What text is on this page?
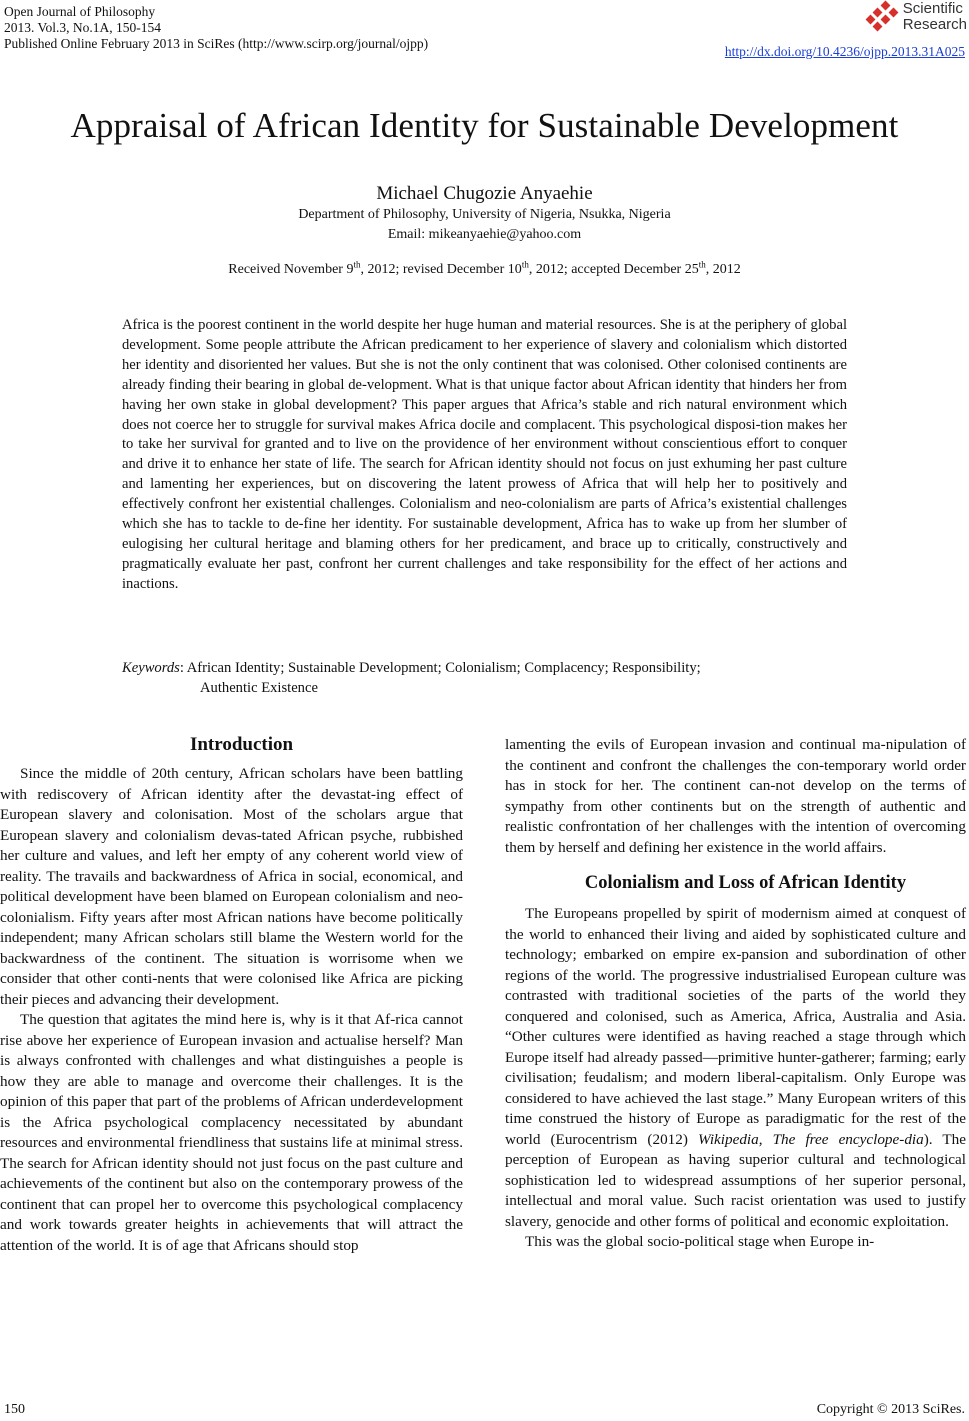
Open Journal of Philosophy
2013. Vol.3, No.1A, 150-154
Published Online February 2013 in SciRes (http://www.scirp.org/journal/ojpp)
Scientific
Research
http://dx.doi.org/10.4236/ojpp.2013.31A025
Appraisal of African Identity for Sustainable Development
Michael Chugozie Anyaehie
Department of Philosophy, University of Nigeria, Nsukka, Nigeria
Email: mikeanyaehie@yahoo.com
Received November 9th, 2012; revised December 10th, 2012; accepted December 25th, 2012
Africa is the poorest continent in the world despite her huge human and material resources. She is at the periphery of global development. Some people attribute the African predicament to her experience of slavery and colonialism which distorted her identity and disoriented her values. But she is not the only continent that was colonised. Other colonised continents are already finding their bearing in global de-velopment. What is that unique factor about African identity that hinders her from having her own stake in global development? This paper argues that Africa’s stable and rich natural environment which does not coerce her to struggle for survival makes Africa docile and complacent. This psychological disposi-tion makes her to take her survival for granted and to live on the providence of her environment without conscientious effort to conquer and drive it to enhance her state of life. The search for African identity should not focus on just exhuming her past culture and lamenting her experiences, but on discovering the latent prowess of Africa that will help her to positively and effectively confront her existential challenges. Colonialism and neo-colonialism are parts of Africa’s existential challenges which she has to tackle to de-fine her identity. For sustainable development, Africa has to wake up from her slumber of eulogising her cultural heritage and blaming others for her predicament, and brace up to critically, constructively and pragmatically evaluate her past, confront her current challenges and take responsibility for the effect of her actions and inactions.
Keywords: African Identity; Sustainable Development; Colonialism; Complacency; Responsibility;
Authentic Existence

Introduction

Since the middle of 20th century, African scholars have been battling with rediscovery of African identity after the devastat-ing effect of European slavery and colonisation. Most of the scholars argue that European slavery and colonialism devas-tated African psyche, rubbished her culture and values, and left her empty of any coherent world view of reality. The travails and backwardness of Africa in social, economical, and political development have been blamed on European colonialism and neo-colonialism. Fifty years after most African nations have become politically independent; many African scholars still blame the Western world for the backwardness of the continent. The situation is worrisome when we consider that other conti-nents that were colonised like Africa are picking their pieces and advancing their development.

The question that agitates the mind here is, why is it that Af-rica cannot rise above her experience of European invasion and actualise herself? Man is always confronted with challenges and what distinguishes a people is how they are able to manage and overcome their challenges. It is the opinion of this paper that part of the problems of African underdevelopment is the Africa psychological complacency necessitated by abundant resources and environmental friendliness that sustains life at minimal stress. The search for African identity should not just focus on the past culture and achievements of the continent but also on the contemporary prowess of the continent that can propel her to overcome this psychological complacency and work towards greater heights in achievements that will attract the attention of the world. It is of age that Africans should stop

lamenting the evils of European invasion and continual ma-nipulation of the continent and confront the challenges the con-temporary world order has in stock for her. The continent can-not develop on the terms of sympathy from other continents but on the strength of authentic and realistic confrontation of her challenges with the intention of overcoming them by herself and defining her existence in the world affairs.

Colonialism and Loss of African Identity

The Europeans propelled by spirit of modernism aimed at conquest of the world to enhanced their living and aided by sophisticated culture and technology; embarked on empire ex-pansion and subordination of other regions of the world. The progressive industrialised European culture was contrasted with traditional societies of the parts of the world they conquered and colonised, such as America, Africa, Australia and Asia. “Other cultures were identified as having reached a stage through which Europe itself had already passed—primitive hunter-gatherer; farming; early civilisation; feudalism; and modern liberal-capitalism. Only Europe was considered to have achieved the last stage.” Many European writers of this time construed the history of Europe as paradigmatic for the rest of the world (Eurocentrism (2012) Wikipedia, The free encyclope-dia). The perception of European as having superior cultural and technological sophistication led to widespread assumptions of her superior personal, intellectual and moral value. Such racist orientation was used to justify slavery, genocide and other forms of political and economic exploitation.

This was the global socio-political stage when Europe in-

150	Copyright © 2013 SciRes.
